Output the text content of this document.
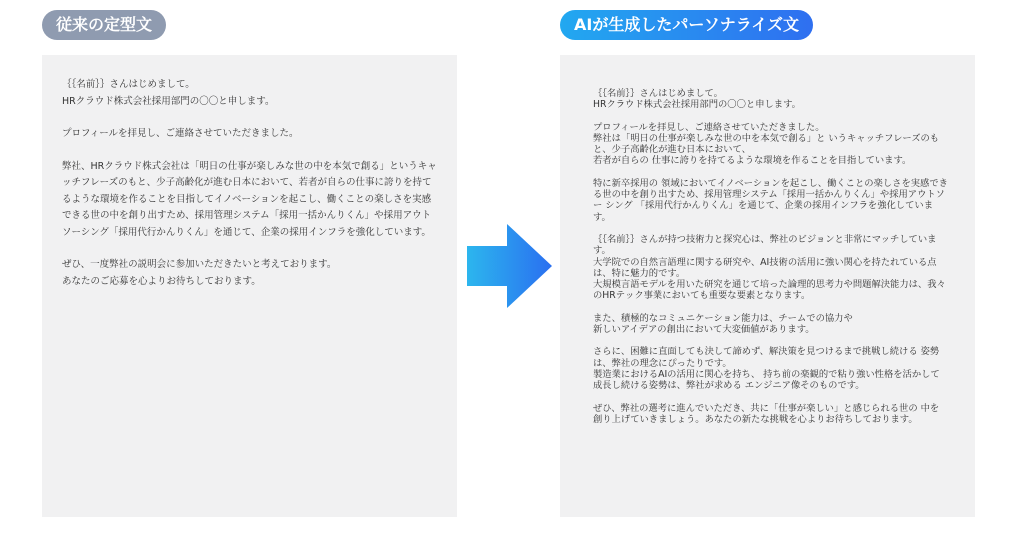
従来の定型文	AIが生成したパーソナライズ文

｛｛名前｝｝さんはじめまして。
HRクラウド株式会社採用部門の〇〇と申します。

プロフィールを拝見し、ご連絡させていただきました。

弊社、HRクラウド株式会社は「明日の仕事が楽しみな世の中を本気で創る」というキャッチフレーズのもと、少子高齢化が進む日本において、若者が自らの仕事に誇りを持てるような環境を作ることを目指してイノベーションを起こし、働くことの楽しさを実感できる世の中を創り出すため、採用管理システム「採用一括かんりくん」や採用アウトソーシング「採用代行かんりくん」を通じて、企業の採用インフラを強化しています。

ぜひ、一度弊社の説明会に参加いただきたいと考えております。
あなたのご応募を心よりお待ちしております。

｛｛名前｝｝さんはじめまして。
HRクラウド株式会社採用部門の〇〇と申します。

プロフィールを拝見し、ご連絡させていただきました。
弊社は「明日の仕事が楽しみな世の中を本気で創る」と いうキャッチフレーズのもと、少子高齢化が進む日本において、
若者が自らの 仕事に誇りを持てるような環境を作ることを目指しています。

特に新卒採用の 領域においてイノベーションを起こし、働くことの楽しさを実感できる世の中を創り出すため、採用管理システム「採用一括かんりくん」や採用アウトソー シング 「採用代行かんりくん」を通じて、企業の採用インフラを強化しています。

｛｛名前｝｝さんが持つ技術力と探究心は、弊社のビジョンと非常にマッチしています。
大学院での自然言語理に関する研究や、AI技術の活用に強い関心を持たれている点は、特に魅力的です。
大規模言語モデルを用いた研究を通じて培った論理的思考力や問題解決能力は、我々のHRテック事業においても重要な要素となります。

また、積極的なコミュニケーション能力は、チームでの協力や
新しいアイデアの創出において大変価値があります。

さらに、困難に直面しても決して諦めず、解決策を見つけるまで挑戦し続ける 姿勢は、弊社の理念にぴったりです。
製造業におけるAIの活用に関心を持ち、 持ち前の楽観的で粘り強い性格を活かして成長し続ける姿勢は、弊社が求める エンジニア像そのものです。

ぜひ、弊社の選考に進んでいただき、共に「仕事が楽しい」と感じられる世の 中を創り上げていきましょう。あなたの新たな挑戦を心よりお待ちしております。
